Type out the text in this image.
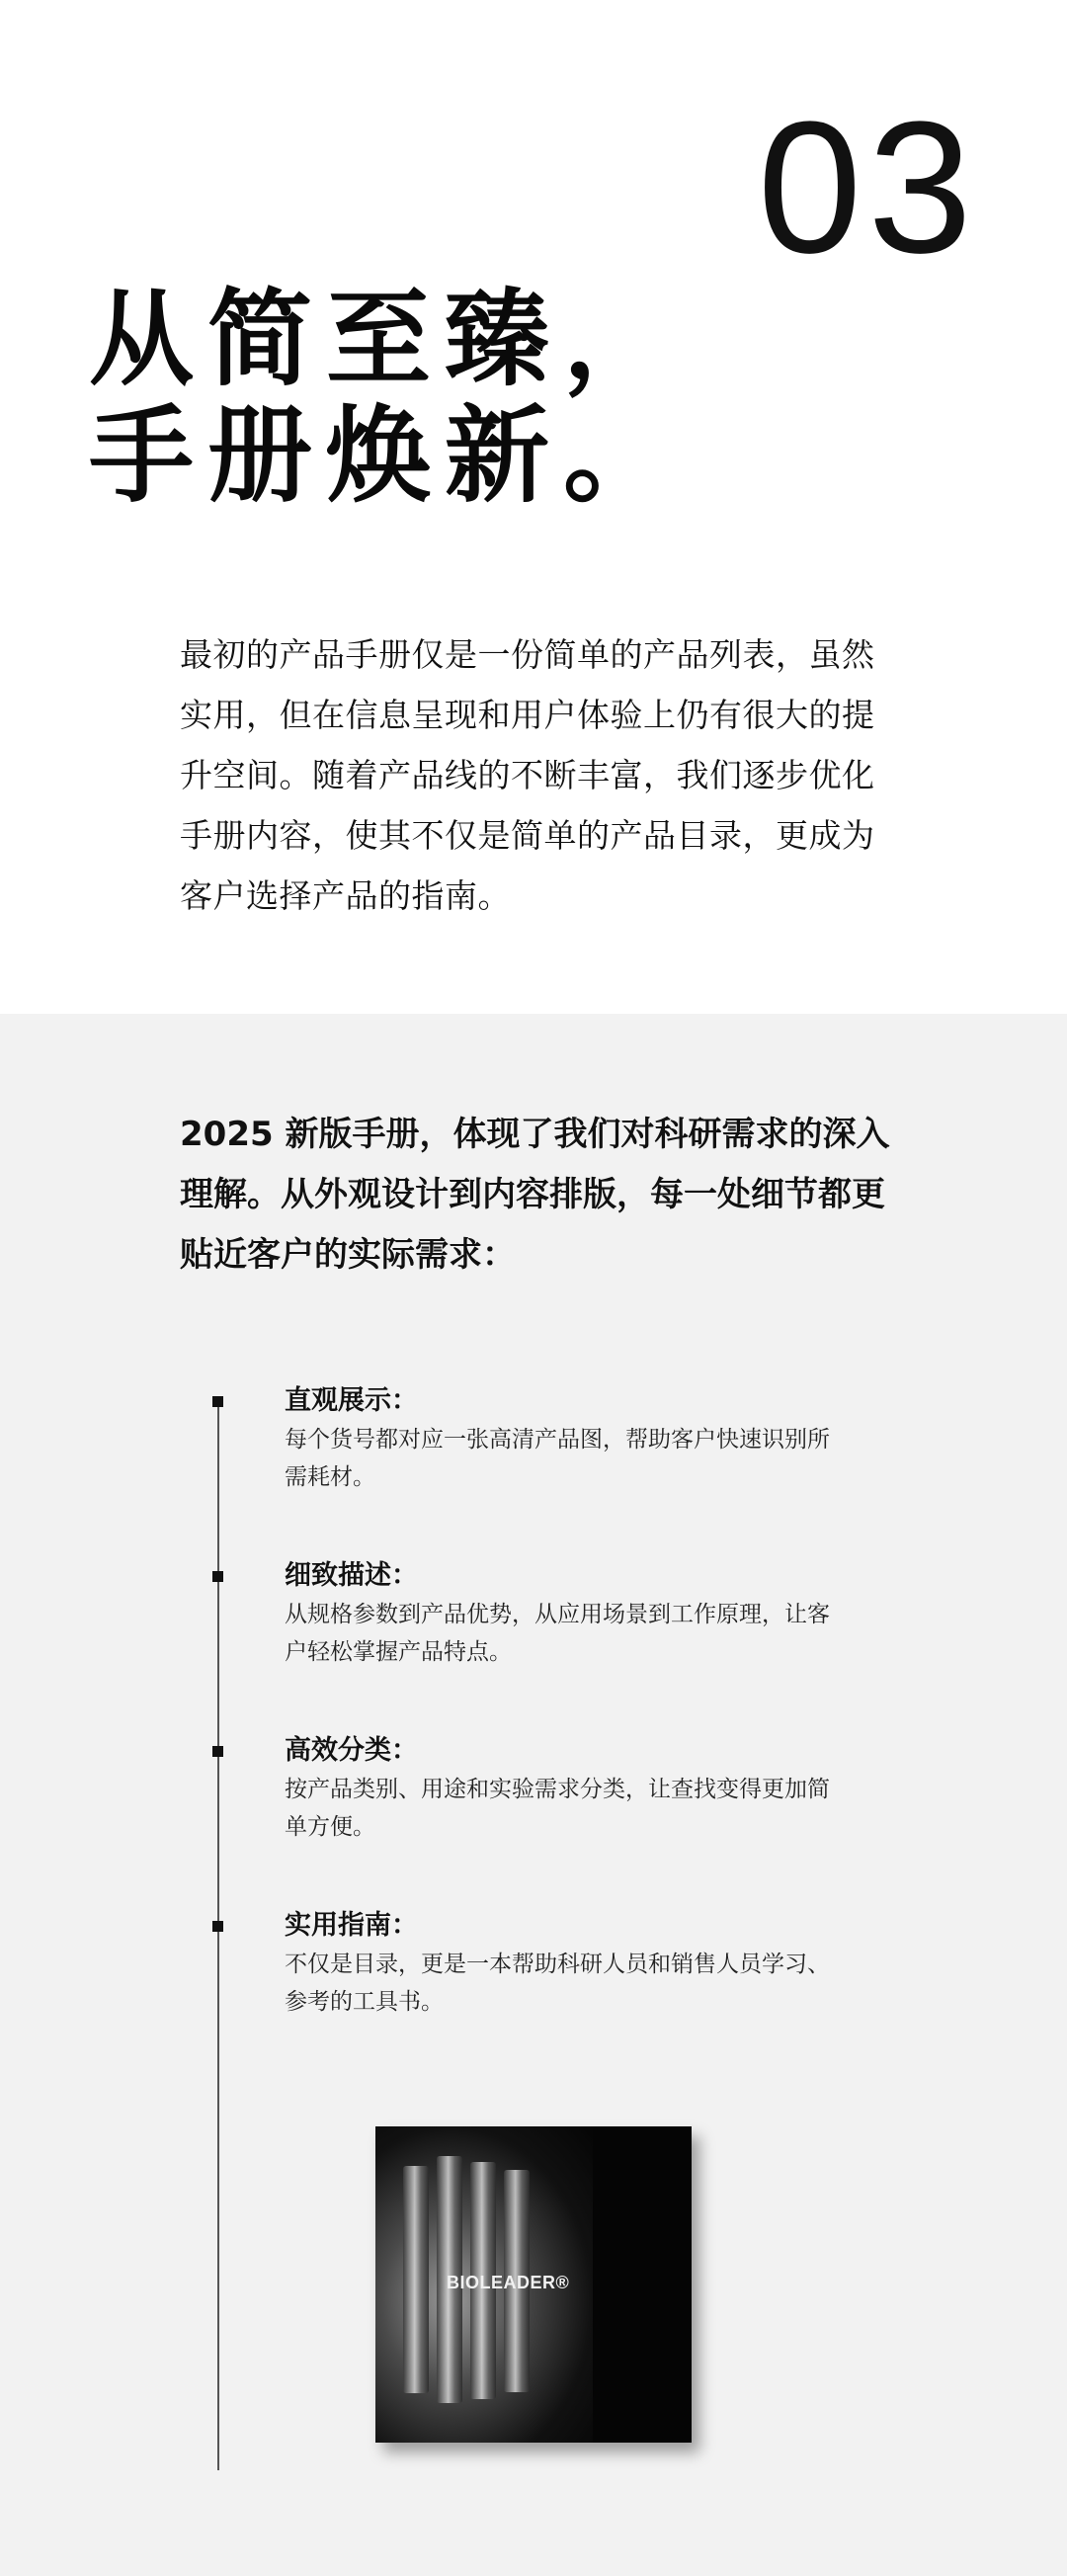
03
从简至臻，
手册焕新。

最初的产品手册仅是一份简单的产品列表，虽然实用，但在信息呈现和用户体验上仍有很大的提升空间。随着产品线的不断丰富，我们逐步优化手册内容，使其不仅是简单的产品目录，更成为客户选择产品的指南。

2025 新版手册，体现了我们对科研需求的深入理解。从外观设计到内容排版，每一处细节都更贴近客户的实际需求：

直观展示：
每个货号都对应一张高清产品图，帮助客户快速识别所需耗材。
细致描述：
从规格参数到产品优势，从应用场景到工作原理，让客户轻松掌握产品特点。
高效分类：
按产品类别、用途和实验需求分类，让查找变得更加简单方便。
实用指南：
不仅是目录，更是一本帮助科研人员和销售人员学习、参考的工具书。
BIOLEADER®
